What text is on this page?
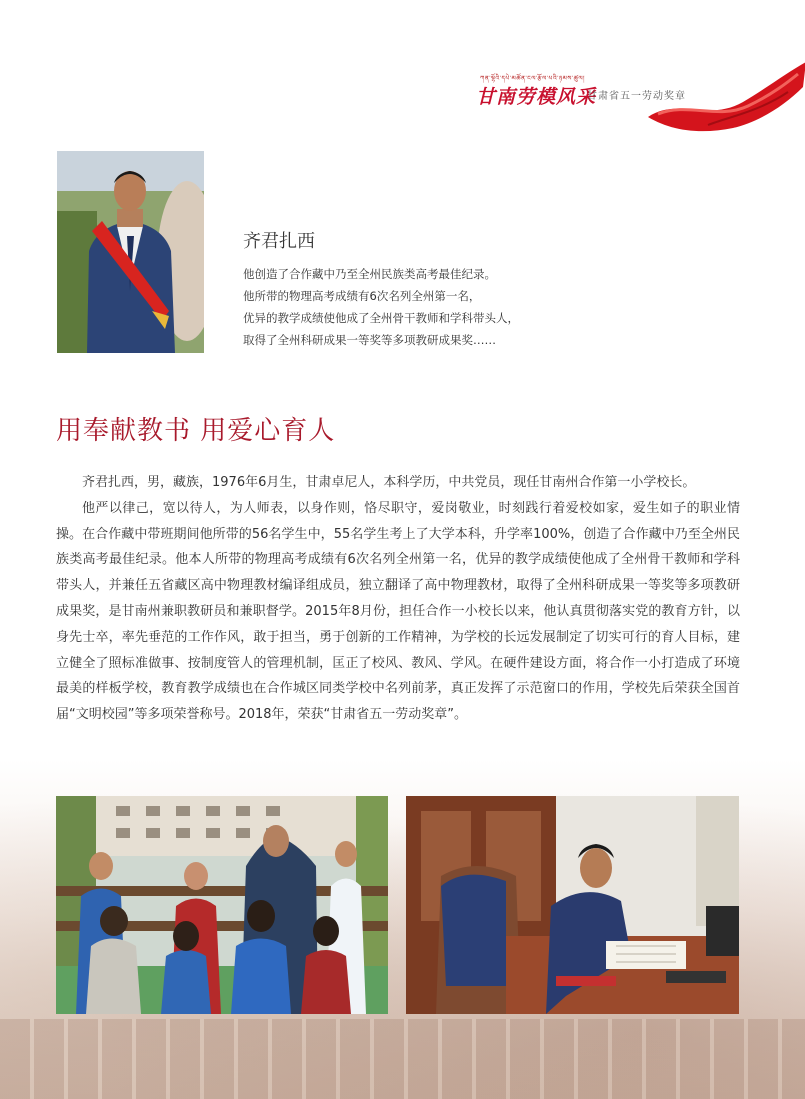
ཀན་ལྷོའི་དཔེ་མཚོན་ངལ་རྩོལ་པའི་ཉམས་ཚུལ།
甘南劳模风采
甘肃省五一劳动奖章
齐君扎西
他创造了合作藏中乃至全州民族类高考最佳纪录。
他所带的物理高考成绩有6次名列全州第一名，
优异的教学成绩使他成了全州骨干教师和学科带头人，
取得了全州科研成果一等奖等多项教研成果奖……
用奉献教书 用爱心育人

齐君扎西，男，藏族，1976年6月生，甘肃卓尼人，本科学历，中共党员，现任甘南州合作第一小学校长。

他严以律己，宽以待人，为人师表，以身作则，恪尽职守，爱岗敬业，时刻践行着爱校如家，爱生如子的职业情操。在合作藏中带班期间他所带的56名学生中，55名学生考上了大学本科，升学率100%，创造了合作藏中乃至全州民族类高考最佳纪录。他本人所带的物理高考成绩有6次名列全州第一名，优异的教学成绩使他成了全州骨干教师和学科带头人，并兼任五省藏区高中物理教材编译组成员，独立翻译了高中物理教材，取得了全州科研成果一等奖等多项教研成果奖，是甘南州兼职教研员和兼职督学。2015年8月份，担任合作一小校长以来，他认真贯彻落实党的教育方针，以身先士卒，率先垂范的工作作风，敢于担当，勇于创新的工作精神，为学校的长远发展制定了切实可行的育人目标，建立健全了照标准做事、按制度管人的管理机制，匡正了校风、教风、学风。在硬件建设方面，将合作一小打造成了环境最美的样板学校，教育教学成绩也在合作城区同类学校中名列前茅，真正发挥了示范窗口的作用，学校先后荣获全国首届“文明校园”等多项荣誉称号。2018年，荣获“甘肃省五一劳动奖章”。
